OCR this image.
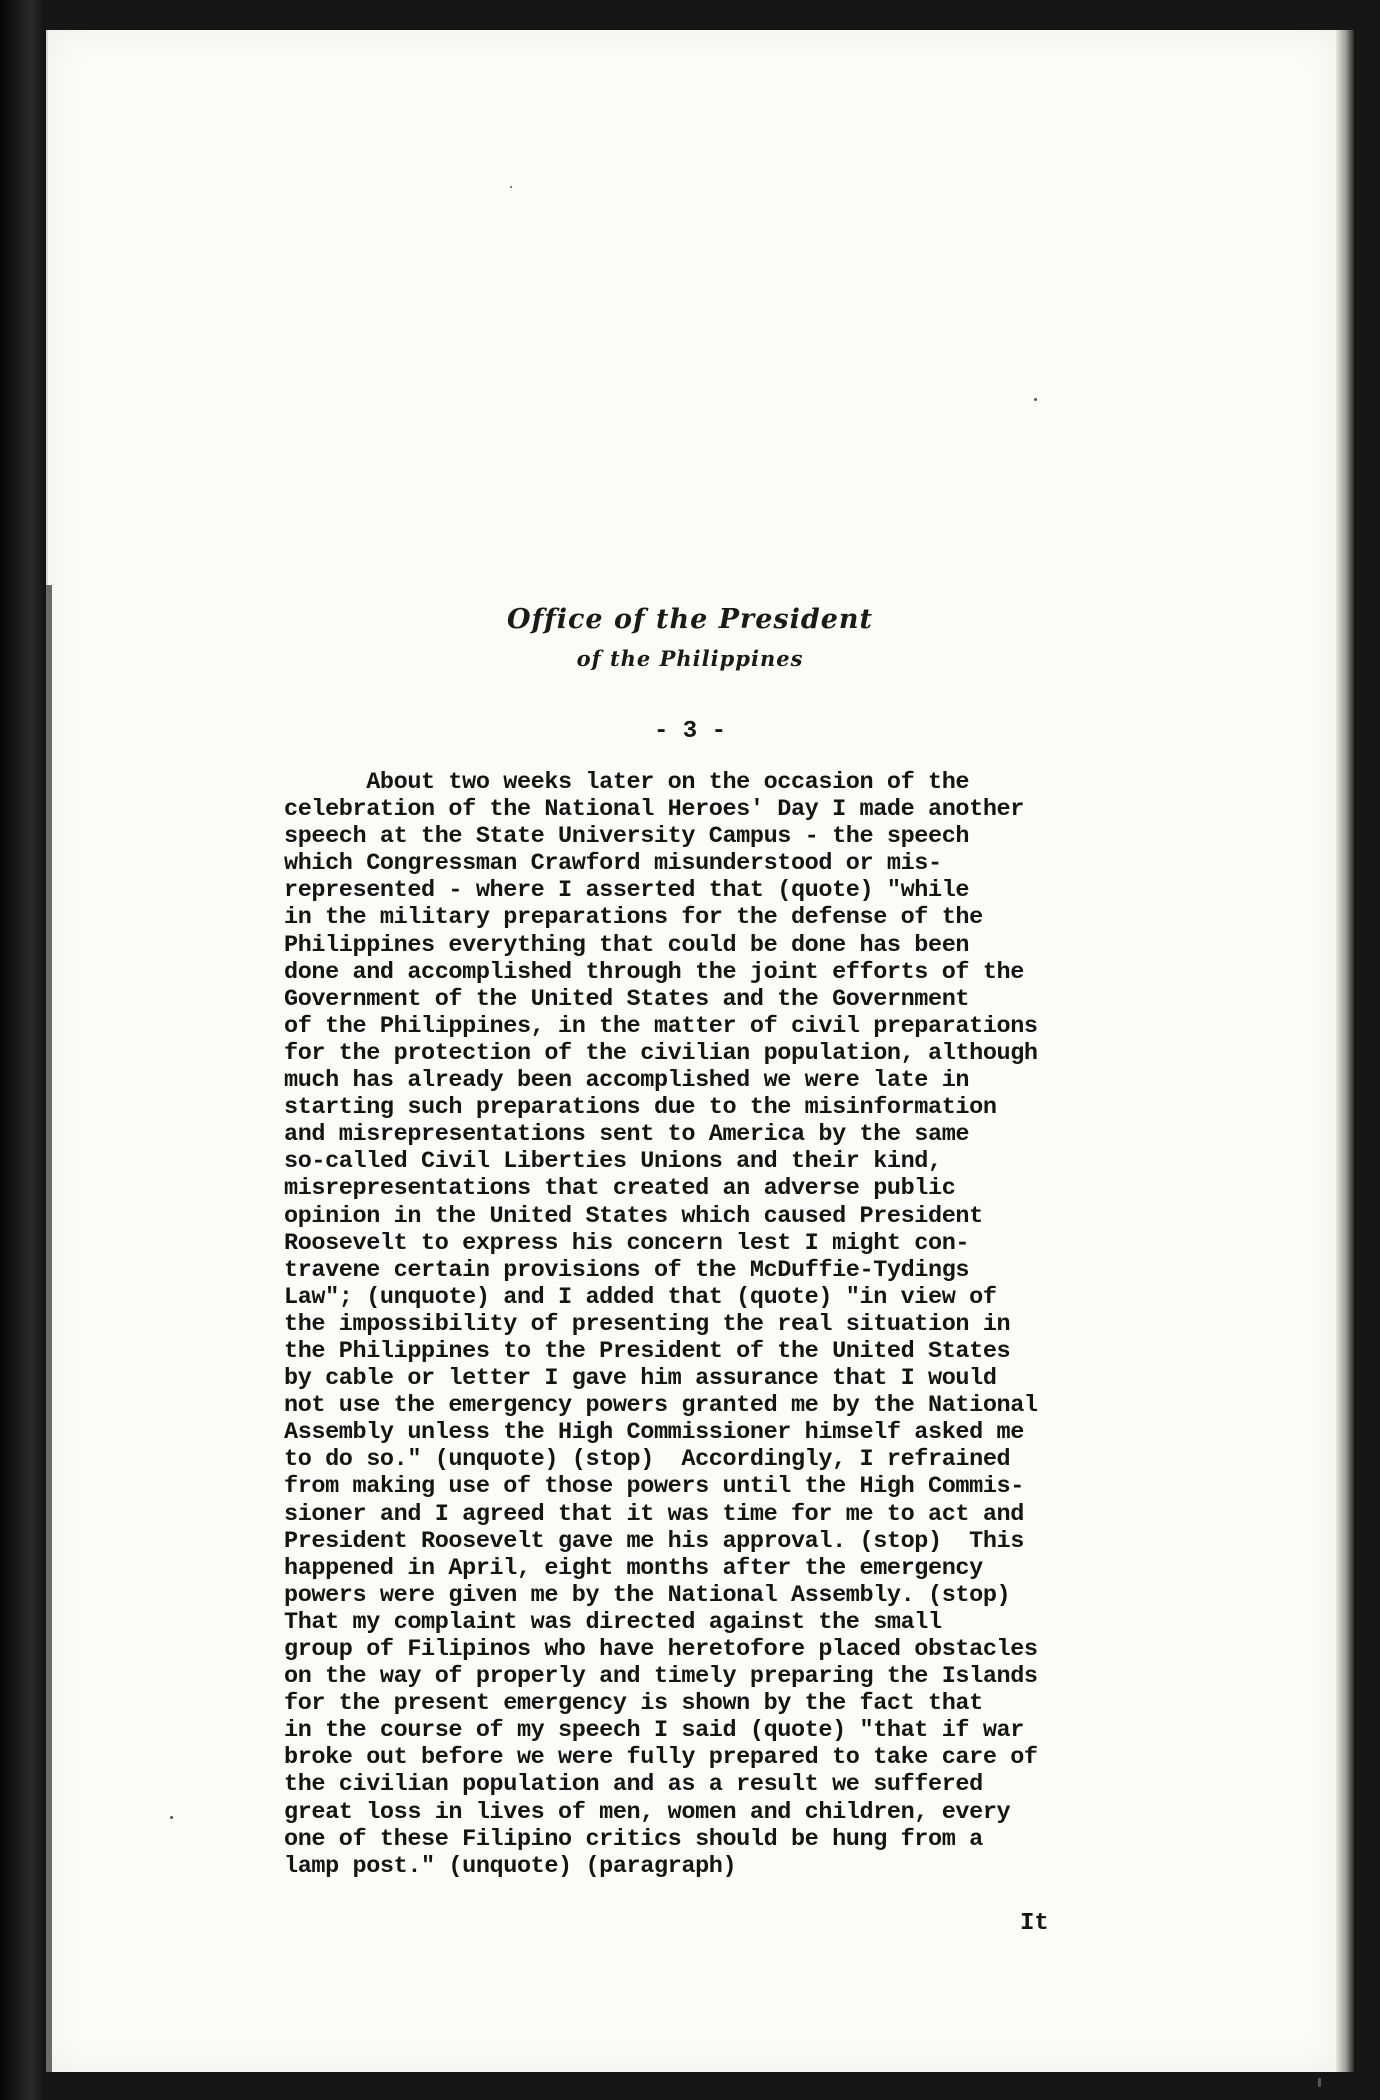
Office of the President
of the Philippines
- 3 -
About two weeks later on the occasion of the
celebration of the National Heroes' Day I made another
speech at the State University Campus - the speech
which Congressman Crawford misunderstood or mis-
represented - where I asserted that (quote) "while
in the military preparations for the defense of the
Philippines everything that could be done has been
done and accomplished through the joint efforts of the
Government of the United States and the Government
of the Philippines, in the matter of civil preparations
for the protection of the civilian population, although
much has already been accomplished we were late in
starting such preparations due to the misinformation
and misrepresentations sent to America by the same
so-called Civil Liberties Unions and their kind,
misrepresentations that created an adverse public
opinion in the United States which caused President
Roosevelt to express his concern lest I might con-
travene certain provisions of the McDuffie-Tydings
Law"; (unquote) and I added that (quote) "in view of
the impossibility of presenting the real situation in
the Philippines to the President of the United States
by cable or letter I gave him assurance that I would
not use the emergency powers granted me by the National
Assembly unless the High Commissioner himself asked me
to do so." (unquote) (stop)  Accordingly, I refrained
from making use of those powers until the High Commis-
sioner and I agreed that it was time for me to act and
President Roosevelt gave me his approval. (stop)  This
happened in April, eight months after the emergency
powers were given me by the National Assembly. (stop)
That my complaint was directed against the small
group of Filipinos who have heretofore placed obstacles
on the way of properly and timely preparing the Islands
for the present emergency is shown by the fact that
in the course of my speech I said (quote) "that if war
broke out before we were fully prepared to take care of
the civilian population and as a result we suffered
great loss in lives of men, women and children, every
one of these Filipino critics should be hung from a
lamp post." (unquote) (paragraph)
It
